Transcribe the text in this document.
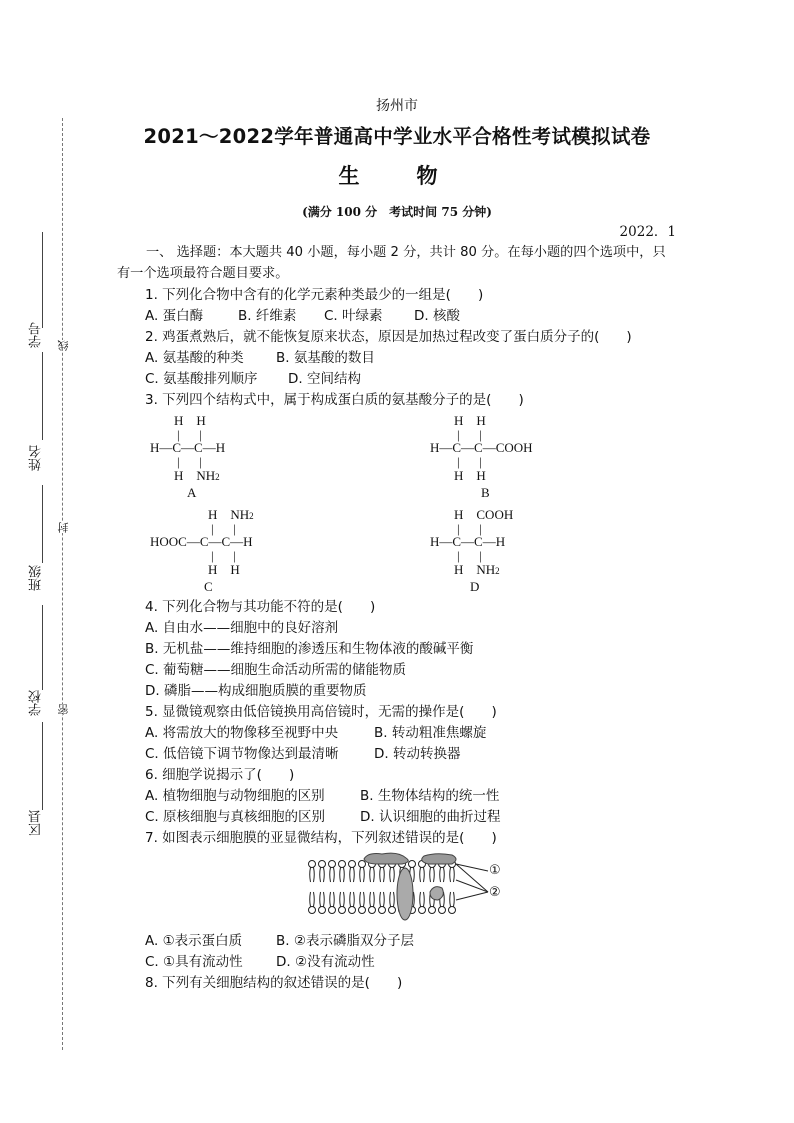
学号
姓名
班级
学校
区县
线
封
密
扬州市
2021～2022学年普通高中学业水平合格性考试模拟试卷
生　物
(满分 100 分　考试时间 75 分钟)
2022．1
一、 选择题：本大题共 40 小题，每小题 2 分，共计 80 分。在每小题的四个选项中，只
有一个选项最符合题目要求。
1. 下列化合物中含有的化学元素种类最少的一组是(　　)
A. 蛋白酶	B. 纤维素 C. 叶绿素 D. 核酸
2. 鸡蛋煮熟后，就不能恢复原来状态，原因是加热过程改变了蛋白质分子的(　　)
A. 氨基酸的种类 B. 氨基酸的数目
C. 氨基酸排列顺序 D. 空间结构
3. 下列四个结构式中，属于构成蛋白质的氨基酸分子的是(　　)
H    H
|      |
H—C—C—H
|      |
H    NH2
A
H    H
|      |
H—C—C—COOH
|      |
H    H
B
H    NH2
|      |
HOOC—C—C—H
|      |
H    H
C
H    COOH
|      |
H—C—C—H
|      |
H    NH2
D
4. 下列化合物与其功能不符的是(　　)
A. 自由水——细胞中的良好溶剂
B. 无机盐——维持细胞的渗透压和生物体液的酸碱平衡
C. 葡萄糖——细胞生命活动所需的储能物质
D. 磷脂——构成细胞质膜的重要物质
5. 显微镜观察由低倍镜换用高倍镜时，无需的操作是(　　)
A. 将需放大的物像移至视野中央	B. 转动粗准焦螺旋
C. 低倍镜下调节物像达到最清晰	D. 转动转换器
6. 细胞学说揭示了(　　)
A. 植物细胞与动物细胞的区别	B. 生物体结构的统一性
C. 原核细胞与真核细胞的区别	D. 认识细胞的曲折过程
7. 如图表示细胞膜的亚显微结构，下列叙述错误的是(　　)
①
②
A. ①表示蛋白质	B. ②表示磷脂双分子层
C. ①具有流动性 D. ②没有流动性
8. 下列有关细胞结构的叙述错误的是(　　)
